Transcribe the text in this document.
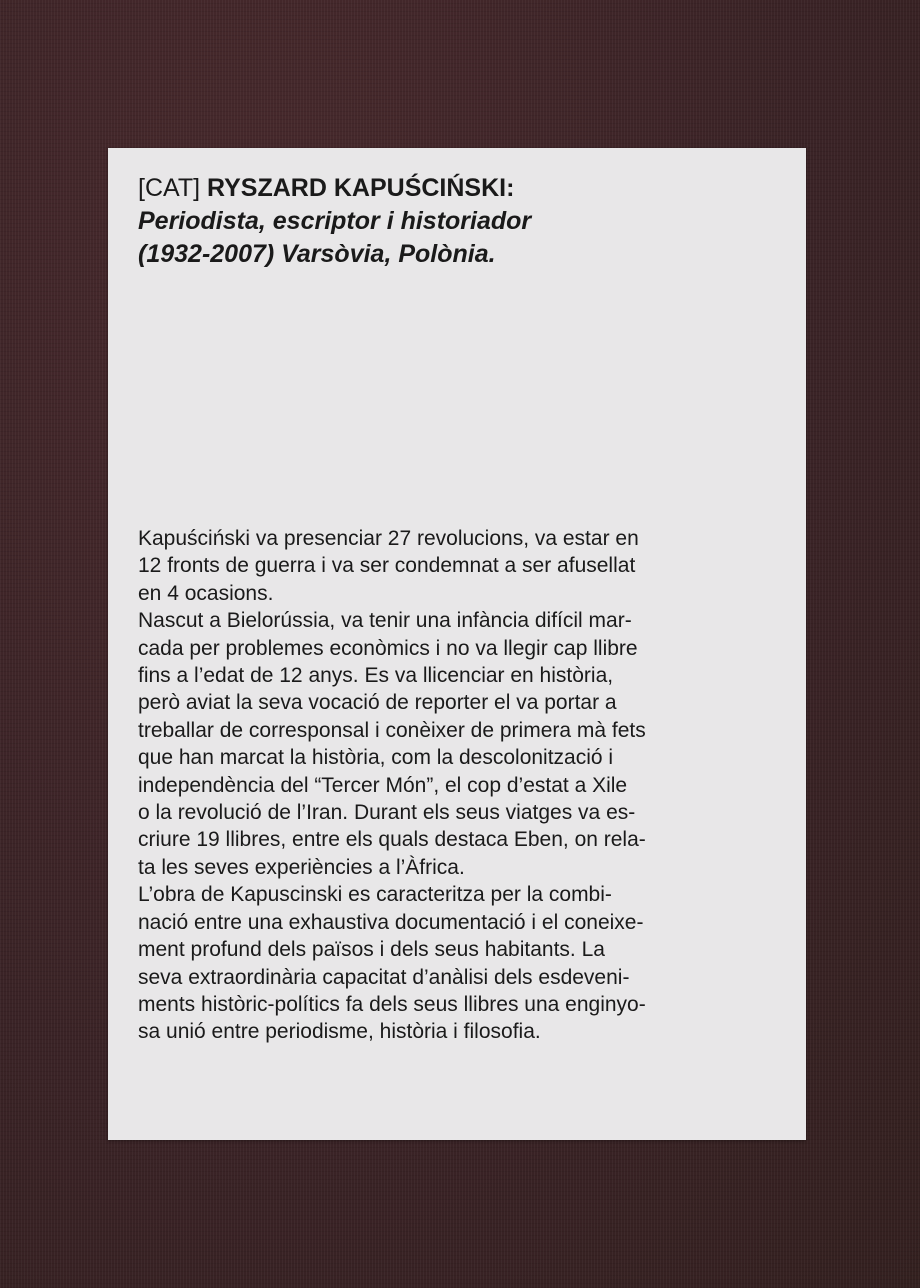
[CAT] RYSZARD KAPUŚCIŃSKI:
Periodista, escriptor i historiador
(1932-2007) Varsòvia, Polònia.

Kapuściński va presenciar 27 revolucions, va estar en
12 fronts de guerra i va ser condemnat a ser afusellat
en 4 ocasions.

Nascut a Bielorússia, va tenir una infància difícil mar-
cada per problemes econòmics i no va llegir cap llibre
fins a l’edat de 12 anys. Es va llicenciar en història,
però aviat la seva vocació de reporter el va portar a
treballar de corresponsal i conèixer de primera mà fets
que han marcat la història, com la descolonització i
independència del “Tercer Món”, el cop d’estat a Xile
o la revolució de l’Iran. Durant els seus viatges va es-
criure 19 llibres, entre els quals destaca Eben, on rela-
ta les seves experiències a l’Àfrica.

L’obra de Kapuscinski es caracteritza per la combi-
nació entre una exhaustiva documentació i el coneixe-
ment profund dels països i dels seus habitants. La
seva extraordinària capacitat d’anàlisi dels esdeveni-
ments històric-polítics fa dels seus llibres una enginyo-
sa unió entre periodisme, història i filosofia.
